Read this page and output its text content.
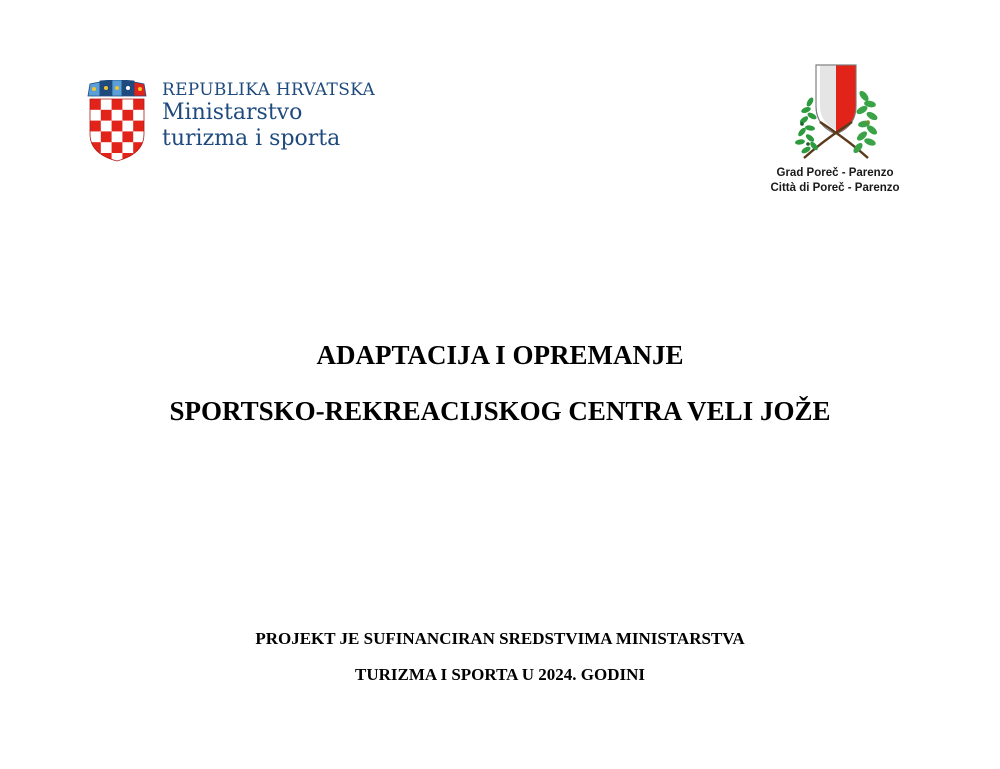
REPUBLIKA HRVATSKA
Ministarstvo
turizma i sporta
Grad Poreč - Parenzo
Città di Poreč - Parenzo
ADAPTACIJA I OPREMANJE
SPORTSKO-REKREACIJSKOG CENTRA VELI JOŽE
PROJEKT JE SUFINANCIRAN SREDSTVIMA MINISTARSTVA
TURIZMA I SPORTA U 2024. GODINI
